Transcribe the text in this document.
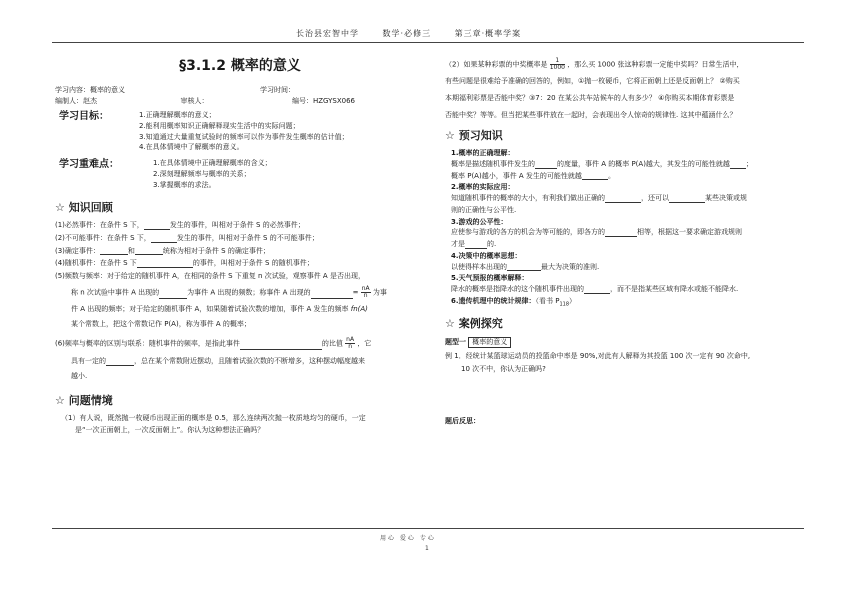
长治县宏智中学	数学·必修三	第三章·概率学案
§3.1.2 概率的意义
学习内容：概率的意义	学习时间：
编制人：赵杰	审核人：	编号：HZGYSX066
学习目标：	1.正确理解概率的意义；
2.能利用概率知识正确解释现实生活中的实际问题；
3.知道通过大量重复试验时的频率可以作为事件发生概率的估计值；
4.在具体情境中了解概率的意义。
学习重难点：	1.在具体情境中正确理解概率的含义；
2.深刻理解频率与概率的关系；
3.掌握概率的求法。
☆ 知识回顾
(1)必然事件：在条件 S 下，	发生的事件，叫相对于条件 S 的必然事件；
(2)不可能事件：在条件 S 下，	发生的事件，叫相对于条件 S 的不可能事件；
(3)确定事件：	和	统称为相对于条件 S 的确定事件；
(4)随机事件：在条件 S 下	的事件，叫相对于条件 S 的随机事件；
(5)频数与频率：对于给定的随机事件 A，在相同的条件 S 下重复 n 次试验，观察事件 A 是否出现，
称 n 次试验中事件 A 出现的	为事件 A 出现的频数；称事件 A 出现的	= $\frac{nA}{n}$ 为事
件 A 出现的频率；对于给定的随机事件 A，如果随着试验次数的增加，事件 A 发生的频率 fn(A)
某个常数上，把这个常数记作 P(A)，称为事件 A 的概率；
(6)频率与概率的区别与联系：随机事件的频率，是指此事件	的比值 $\frac{nA}{n}$ ，它
具有一定的	，总在某个常数附近摆动，且随着试验次数的不断增多，这种摆动幅度越来
越小.
☆ 问题情境
（1）有人说，既然抛一枚硬币出现正面的概率是 0.5，那么连续两次抛一枚质地均匀的硬币，一定
是“一次正面朝上，一次反面朝上”。你认为这种想法正确吗？
（2）如果某种彩票的中奖概率是 $\frac{1}{1000}$ ，那么买 1000 张这种彩票一定能中奖吗？日常生活中，
有些问题是很难给予准确的回答的，例如，①抛一枚硬币，它将正面朝上还是反面朝上？ ②购买
本期福利彩票是否能中奖？③7：20 在某公共车站候车的人有多少？ ④你购买本期体育彩票是
否能中奖？等等。但当把某些事件放在一起时，会表现出令人惊奇的规律性. 这其中蕴涵什么？
☆ 预习知识
1.概率的正确理解：
概率是描述随机事件发生的	的度量，事件 A 的概率 P(A)越大，其发生的可能性就越 ；
概率 P(A)越小，事件 A 发生的可能性就越	。
2.概率的实际应用：
知道随机事件的概率的大小，有利我们做出正确的	，还可以	某些决策或规
则的正确性与公平性.
3.游戏的公平性：
应使参与游戏的各方的机会为等可能的，即各方的	相等，根据这一要求确定游戏规则
才是	的.
4.决策中的概率思想：
以使得样本出现的	最大为决策的准则.
5.天气预报的概率解释：
降水的概率是指降水的这个随机事件出现的	，而不是指某些区域有降水或能不能降水.
6.遗传机理中的统计规律：（看书 $P_{118}$）
☆ 案例探究
题型一 概率的意义
例 1．经统计某篮球运动员的投篮命中率是 90%,对此有人解释为其投篮 100 次一定有 90 次命中,
10 次不中，你认为正确吗?
题后反思：
用心 爱心 专心
1
